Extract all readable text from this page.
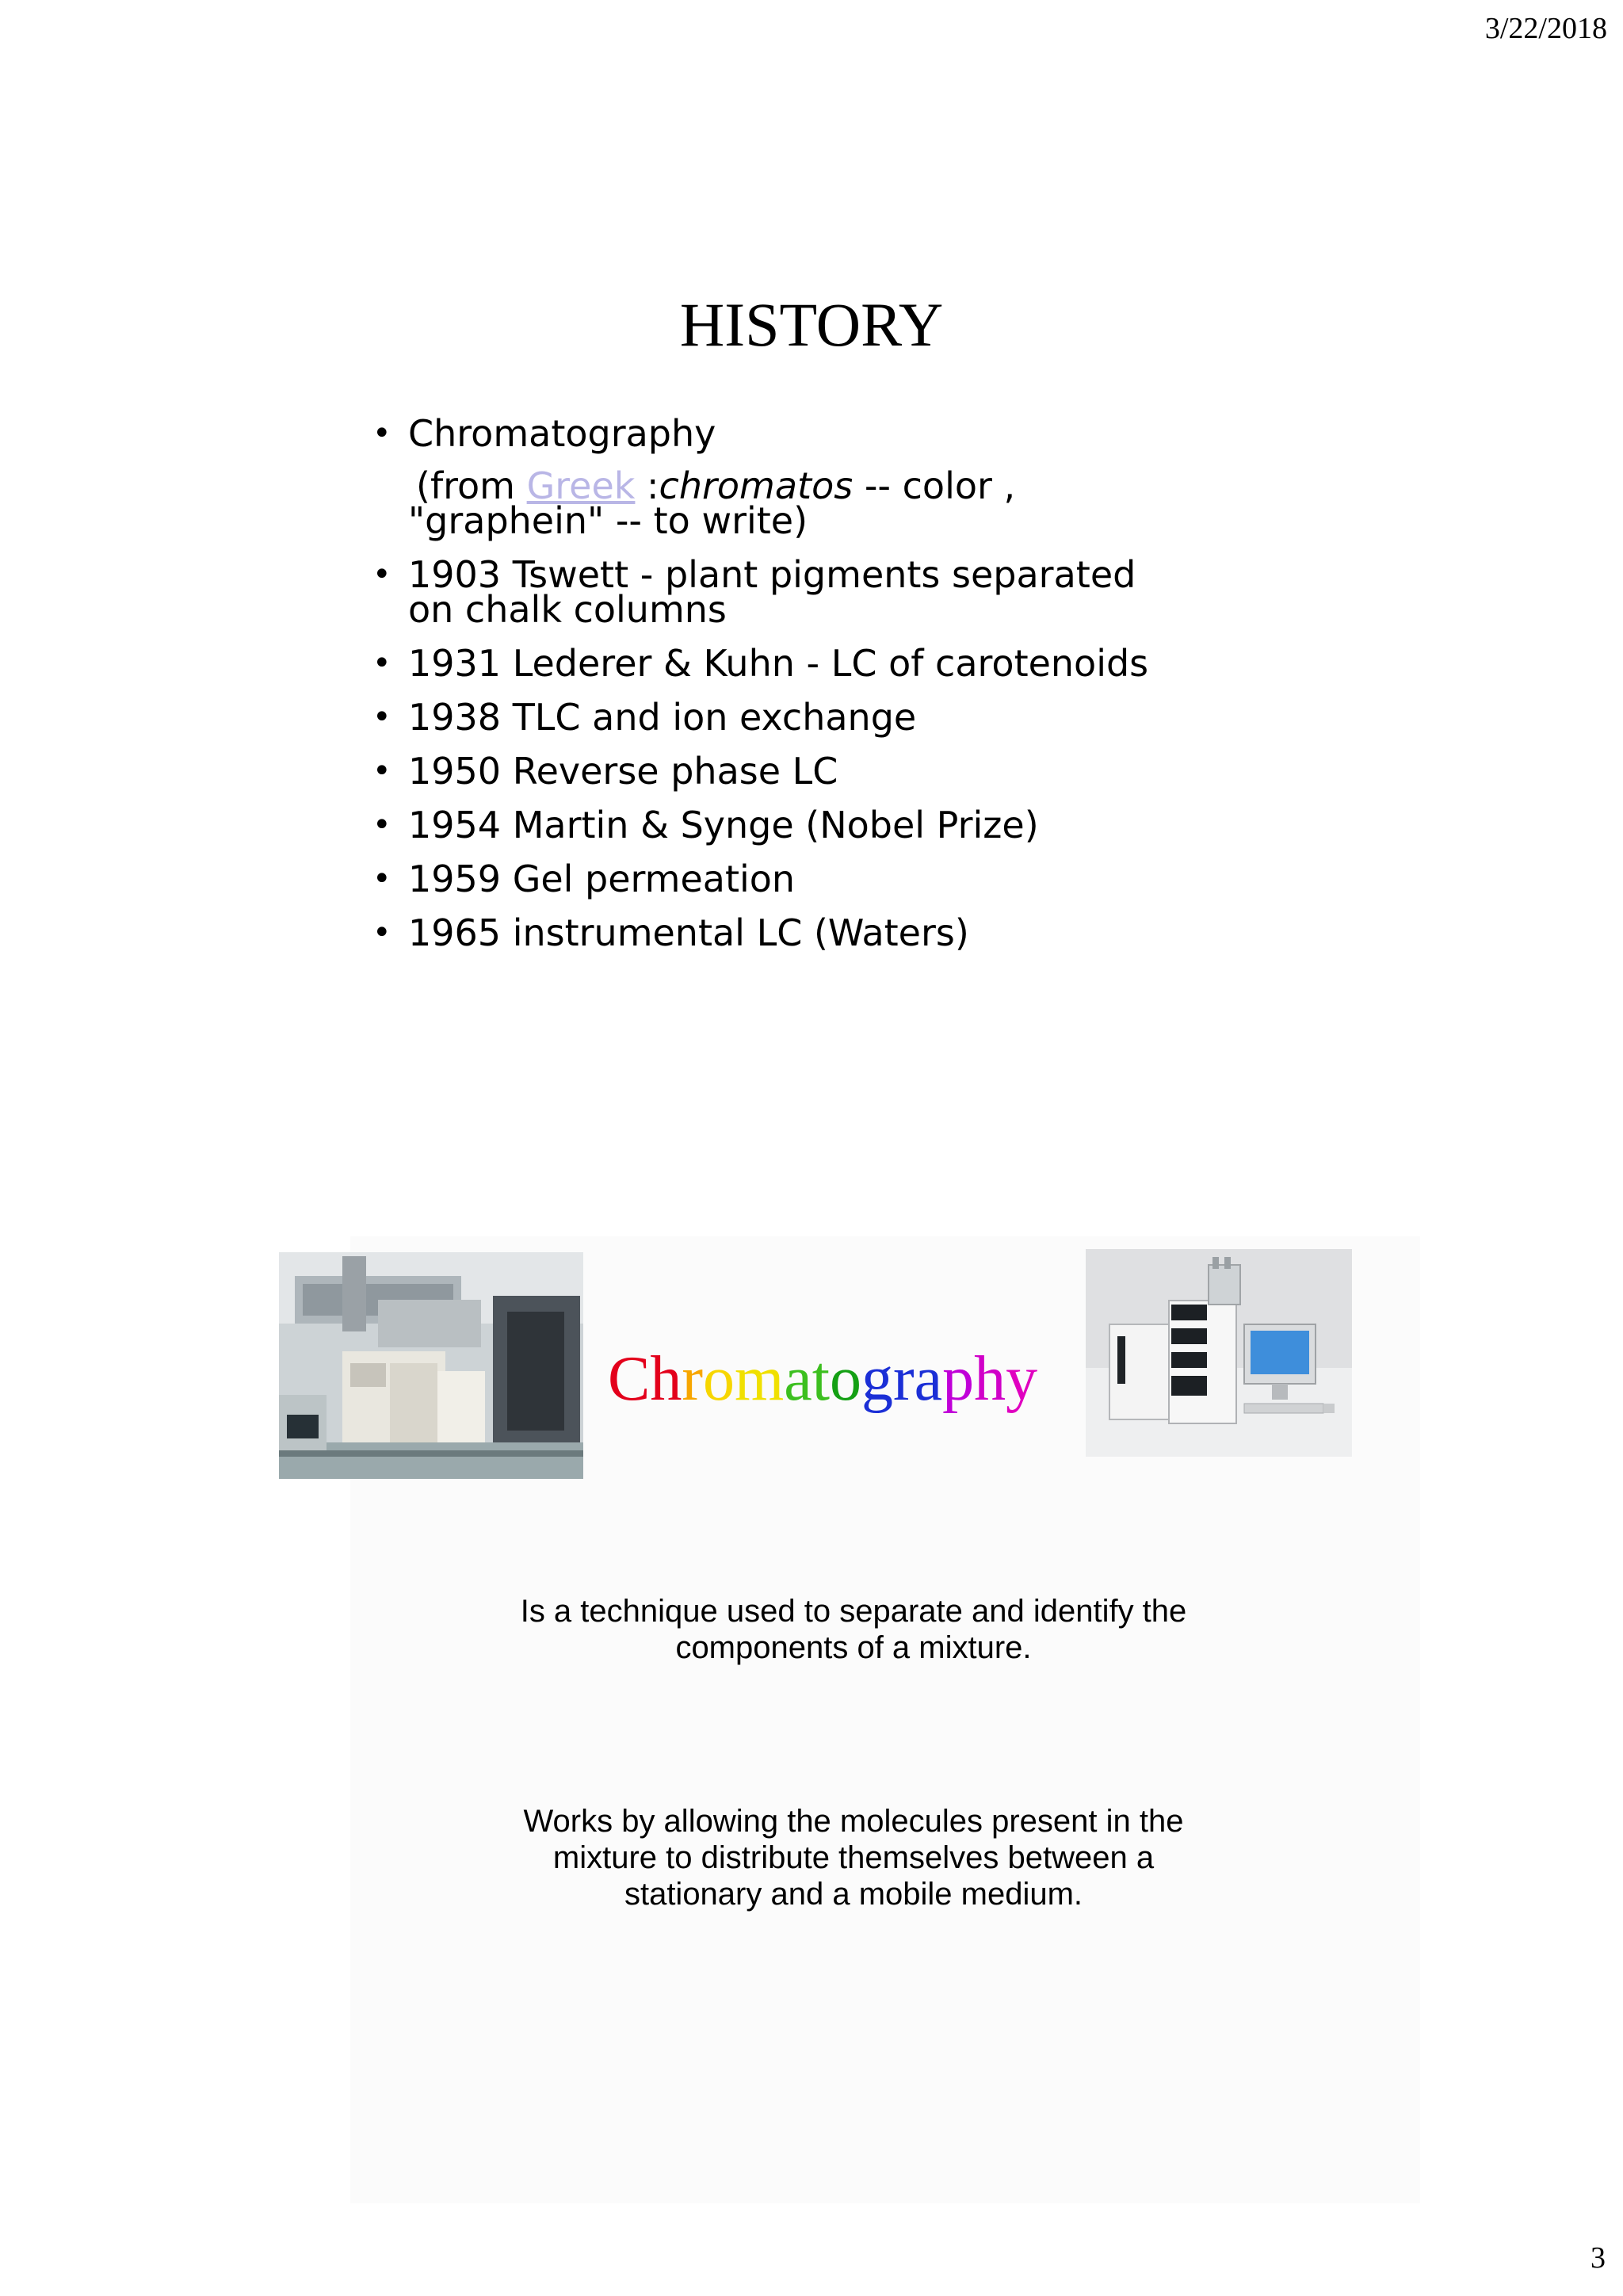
3/22/2018
HISTORY
• Chromatography
(from Greek :chromatos -- color ,
"graphein" -- to write)
• 1903 Tswett - plant pigments separated on chalk columns
• 1931 Lederer & Kuhn - LC of carotenoids
• 1938 TLC and ion exchange
• 1950 Reverse phase LC
• 1954 Martin & Synge (Nobel Prize)
• 1959 Gel permeation
• 1965 instrumental LC (Waters)
Chromatography
Is a technique used to separate and identify the
components of a mixture.
Works by allowing the molecules present in the
mixture to distribute themselves between a
stationary and a mobile medium.
3
